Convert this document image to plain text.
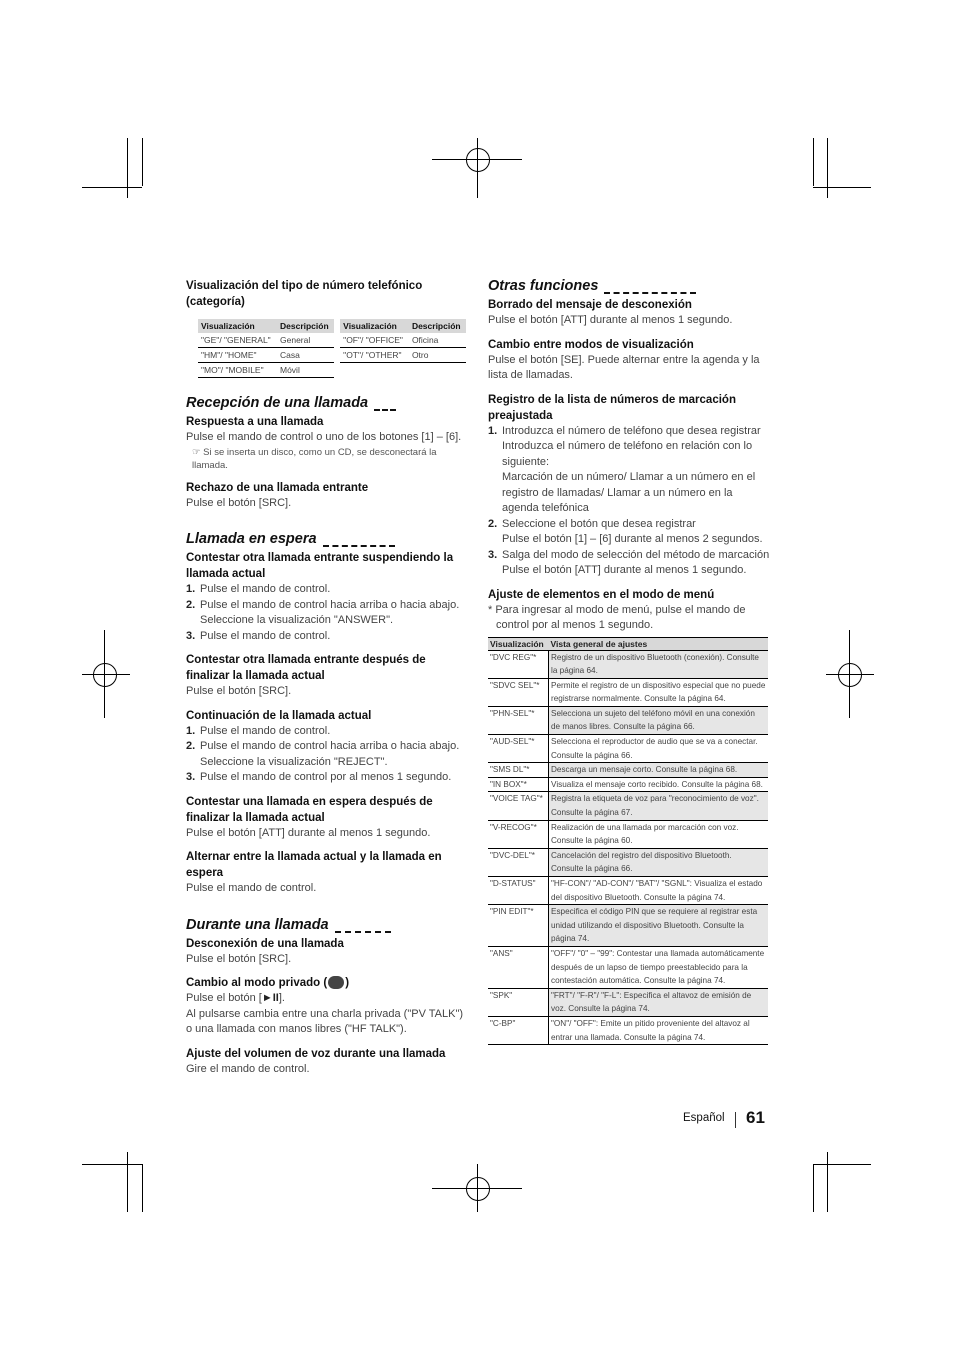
Visualización del tipo de número telefónico (categoría)

Visualización	Descripción	Visualización	Descripción
"GE"/ "GENERAL"	General	"OF"/ "OFFICE"	Oficina
"HM"/ "HOME"	Casa	"OT"/ "OTHER"	Otro
"MO"/ "MOBILE"	Móvil		

Recepción de una llamada

Respuesta a una llamada

Pulse el mando de control o uno de los botones [1] – [6].

☞ Si se inserta un disco, como un CD, se desconectará la llamada.

Rechazo de una llamada entrante

Pulse el botón [SRC].

Llamada en espera

Contestar otra llamada entrante suspendiendo la llamada actual

1. Pulse el mando de control.
2. Pulse el mando de control hacia arriba o hacia abajo. Seleccione la visualización "ANSWER".
3. Pulse el mando de control.

Contestar otra llamada entrante después de finalizar la llamada actual

Pulse el botón [SRC].

Continuación de la llamada actual

1. Pulse el mando de control.
2. Pulse el mando de control hacia arriba o hacia abajo. Seleccione la visualización "REJECT".
3. Pulse el mando de control por al menos 1 segundo.

Contestar una llamada en espera después de finalizar la llamada actual

Pulse el botón [ATT] durante al menos 1 segundo.

Alternar entre la llamada actual y la llamada en espera

Pulse el mando de control.

Durante una llamada

Desconexión de una llamada

Pulse el botón [SRC].

Cambio al modo privado ( )

Pulse el botón [►II].

Al pulsarse cambia entre una charla privada ("PV TALK") o una llamada con manos libres ("HF TALK").

Ajuste del volumen de voz durante una llamada

Gire el mando de control.

Otras funciones

Borrado del mensaje de desconexión

Pulse el botón [ATT] durante al menos 1 segundo.

Cambio entre modos de visualización

Pulse el botón [SE]. Puede alternar entre la agenda y la lista de llamadas.

Registro de la lista de números de marcación preajustada

1. Introduzca el número de teléfono que desea registrar
Introduzca el número de teléfono en relación con lo siguiente:
Marcación de un número/ Llamar a un número en el registro de llamadas/ Llamar a un número en la agenda telefónica
2. Seleccione el botón que desea registrar
Pulse el botón [1] – [6] durante al menos 2 segundos.
3. Salga del modo de selección del método de marcación
Pulse el botón [ATT] durante al menos 1 segundo.

Ajuste de elementos en el modo de menú

* Para ingresar al modo de menú, pulse el mando de control por al menos 1 segundo.

Visualización	Vista general de ajustes
"DVC REG"*	Registro de un dispositivo Bluetooth (conexión). Consulte la página 64.
"SDVC SEL"*	Permite el registro de un dispositivo especial que no puede registrarse normalmente. Consulte la página 64.
"PHN-SEL"*	Selecciona un sujeto del teléfono móvil en una conexión de manos libres. Consulte la página 66.
"AUD-SEL"*	Selecciona el reproductor de audio que se va a conectar. Consulte la página 66.
"SMS DL"*	Descarga un mensaje corto. Consulte la página 68.
"IN BOX"*	Visualiza el mensaje corto recibido. Consulte la página 68.
"VOICE TAG"*	Registra la etiqueta de voz para "reconocimiento de voz". Consulte la página 67.
"V-RECOG"*	Realización de una llamada por marcación con voz. Consulte la página 60.
"DVC-DEL"*	Cancelación del registro del dispositivo Bluetooth. Consulte la página 66.
"D-STATUS"	"HF-CON"/ "AD-CON"/ "BAT"/ "SGNL": Visualiza el estado del dispositivo Bluetooth. Consulte la página 74.
"PIN EDIT"*	Especifica el código PIN que se requiere al registrar esta unidad utilizando el dispositivo Bluetooth. Consulte la página 74.
"ANS"	"OFF"/ "0" – "99": Contestar una llamada automáticamente después de un lapso de tiempo preestablecido para la contestación automática. Consulte la página 74.
"SPK"	"FRT"/ "F-R"/ "F-L": Especifica el altavoz de emisión de voz. Consulte la página 74.
"C-BP"	"ON"/ "OFF": Emite un pitido proveniente del altavoz al entrar una llamada. Consulte la página 74.
Español 61
